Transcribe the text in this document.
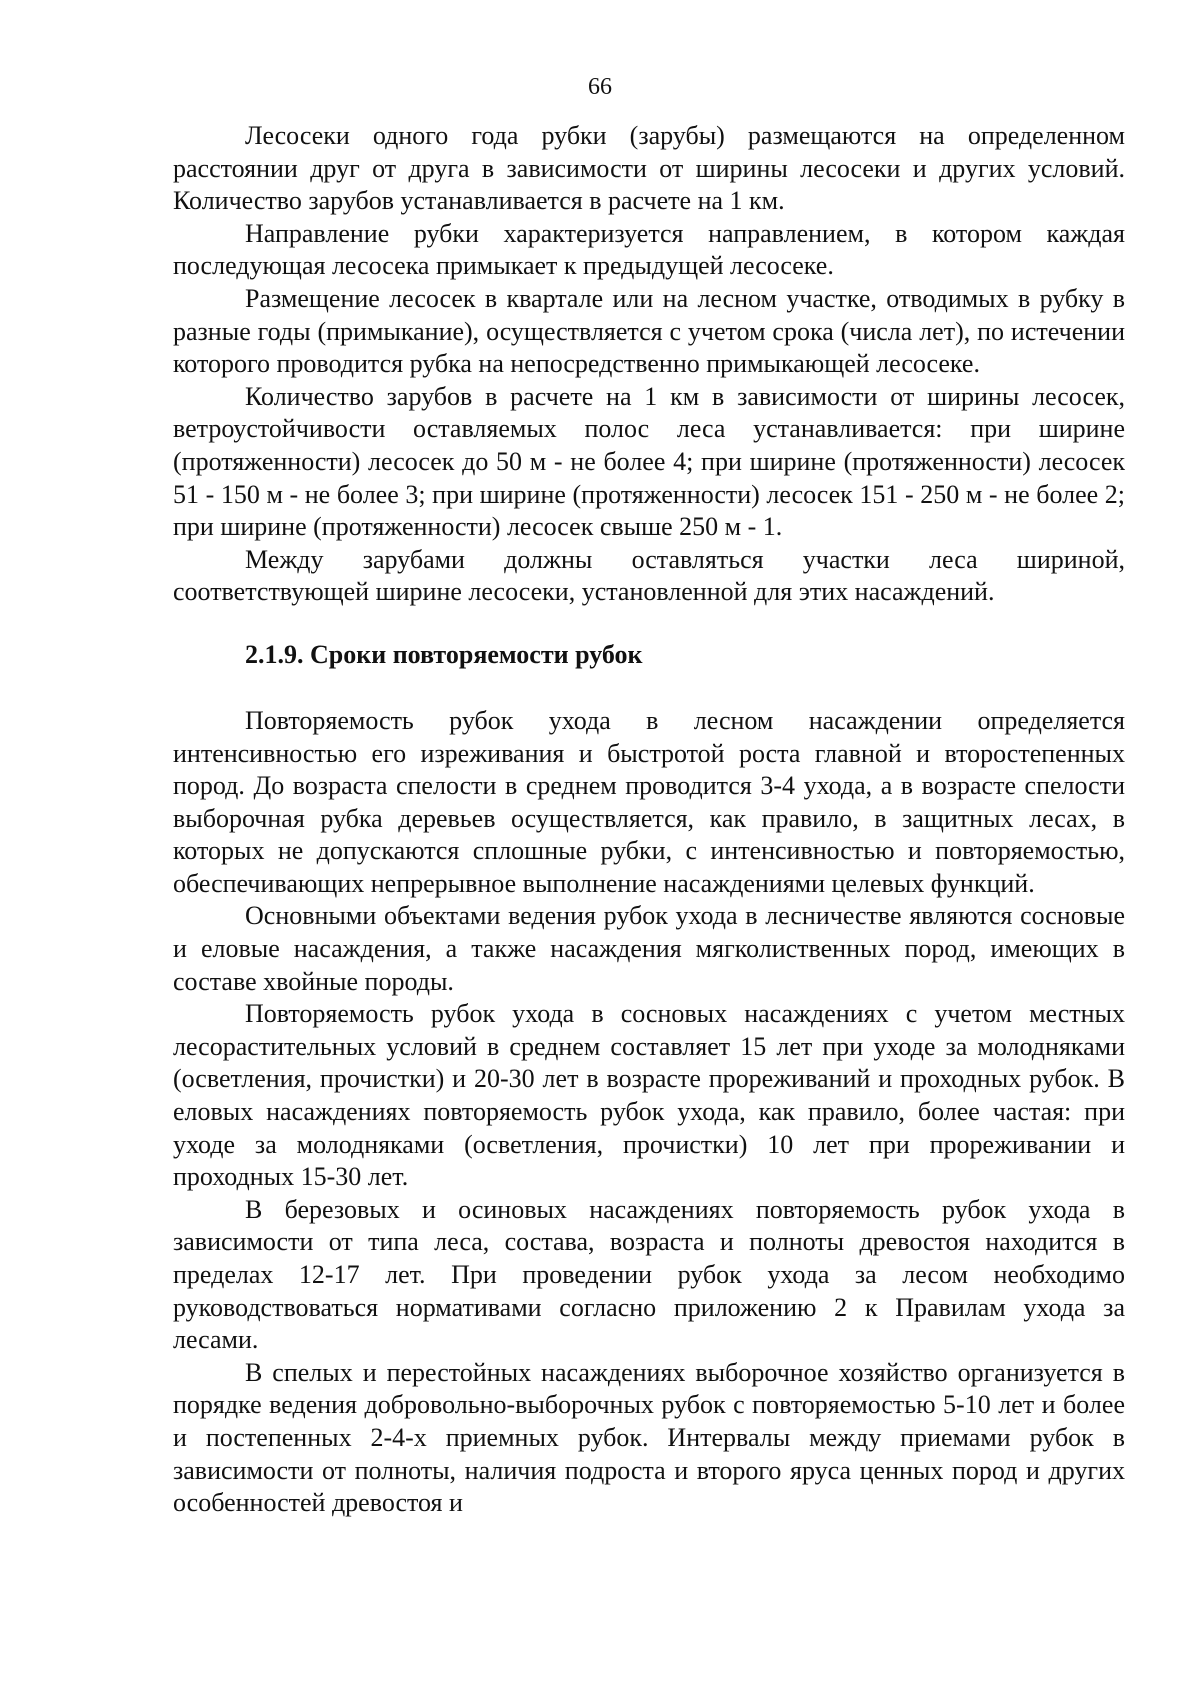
66

Лесосеки одного года рубки (зарубы) размещаются на определенном расстоянии друг от друга в зависимости от ширины лесосеки и других условий. Количество зарубов устанавливается в расчете на 1 км.

Направление рубки характеризуется направлением, в котором каждая последующая лесосека примыкает к предыдущей лесосеке.

Размещение лесосек в квартале или на лесном участке, отводимых в рубку в разные годы (примыкание), осуществляется с учетом срока (числа лет), по истечении которого проводится рубка на непосредственно примыкающей лесосеке.

Количество зарубов в расчете на 1 км в зависимости от ширины лесосек, ветроустойчивости оставляемых полос леса устанавливается: при ширине (протяженности) лесосек до 50 м - не более 4; при ширине (протяженности) лесосек 51 - 150 м - не более 3; при ширине (протяженности) лесосек 151 - 250 м - не более 2; при ширине (протяженности) лесосек свыше 250 м - 1.

Между зарубами должны оставляться участки леса шириной, соответствующей ширине лесосеки, установленной для этих насаждений.

2.1.9. Сроки повторяемости рубок

Повторяемость рубок ухода в лесном насаждении определяется интенсивностью его изреживания и быстротой роста главной и второстепенных пород. До возраста спелости в среднем проводится 3-4 ухода, а в возрасте спелости выборочная рубка деревьев осуществляется, как правило, в защитных лесах, в которых не допускаются сплошные рубки, с интенсивностью и повторяемостью, обеспечивающих непрерывное выполнение насаждениями целевых функций.

Основными объектами ведения рубок ухода в лесничестве являются сосновые и еловые насаждения, а также насаждения мягколиственных пород, имеющих в составе хвойные породы.

Повторяемость рубок ухода в сосновых насаждениях с учетом местных лесорастительных условий в среднем составляет 15 лет при уходе за молодняками (осветления, прочистки) и 20-30 лет в возрасте прореживаний и проходных рубок. В еловых насаждениях повторяемость рубок ухода, как правило, более частая: при уходе за молодняками (осветления, прочистки) 10 лет при прореживании и проходных 15-30 лет.

В березовых и осиновых насаждениях повторяемость рубок ухода в зависимости от типа леса, состава, возраста и полноты древостоя находится в пределах 12-17 лет. При проведении рубок ухода за лесом необходимо руководствоваться нормативами согласно приложению 2 к Правилам ухода за лесами.

В спелых и перестойных насаждениях выборочное хозяйство организуется в порядке ведения добровольно-выборочных рубок с повторяемостью 5-10 лет и более и постепенных 2-4-х приемных рубок. Интервалы между приемами рубок в зависимости от полноты, наличия подроста и второго яруса ценных пород и других особенностей древостоя и
